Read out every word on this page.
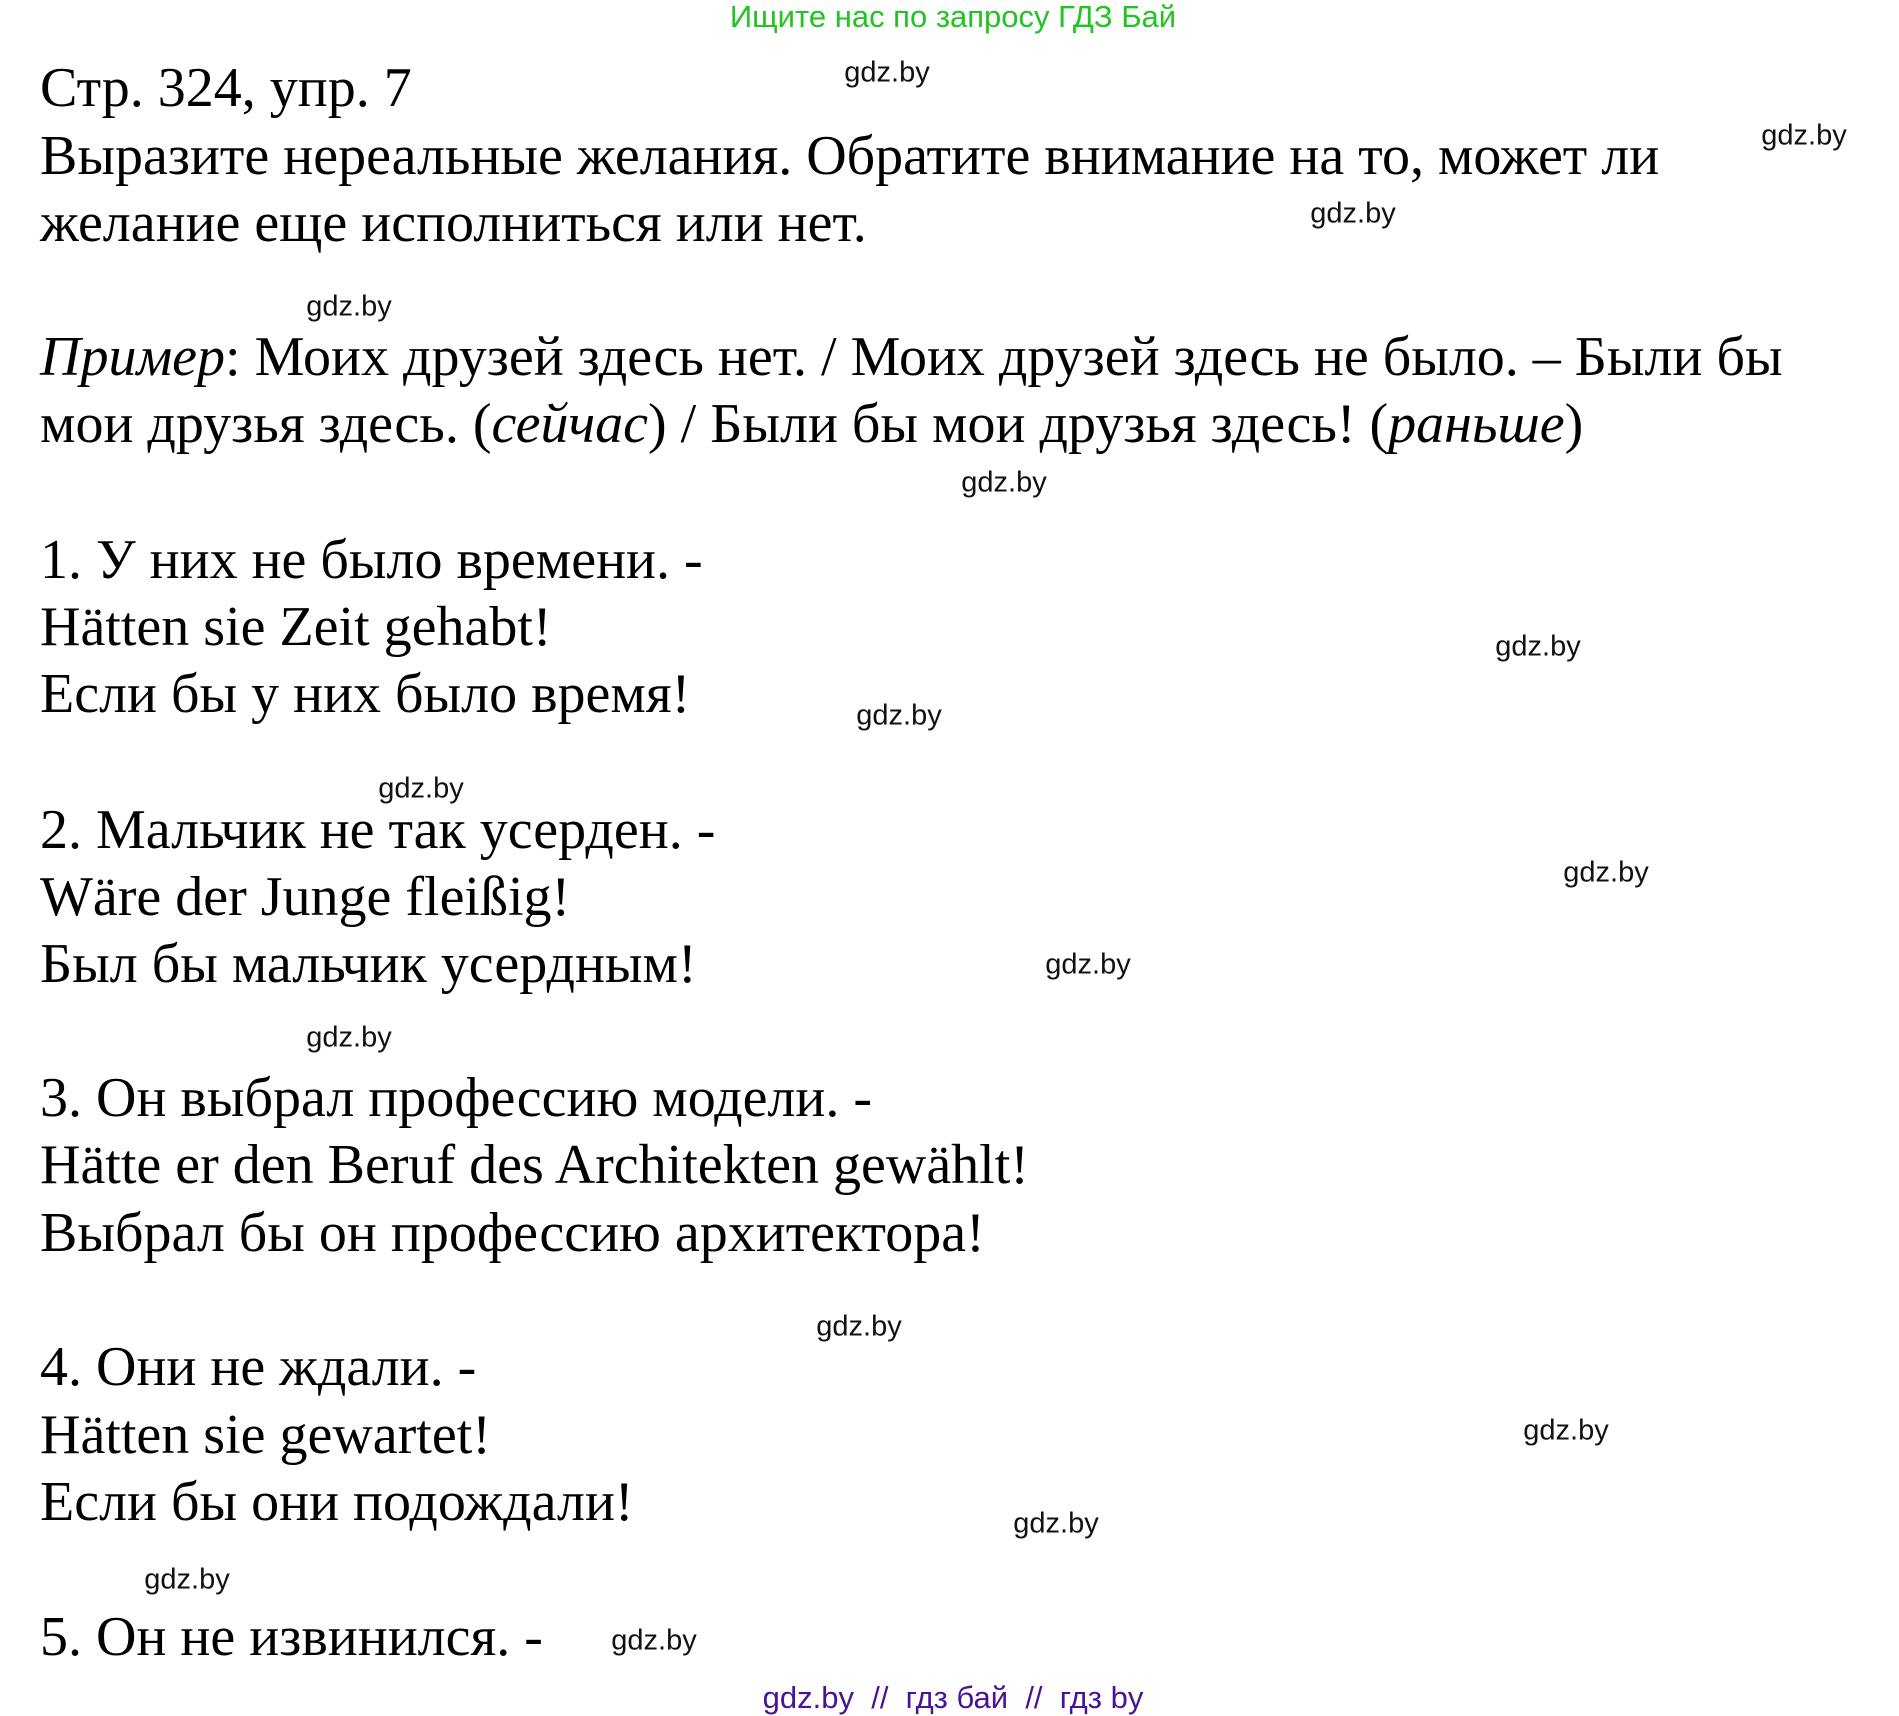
Ищите нас по запросу ГДЗ Бай
Стр. 324, упр. 7
Выразите нереальные желания. Обратите внимание на то, может ли
желание еще исполниться или нет.
Пример: Моих друзей здесь нет. / Моих друзей здесь не было. – Были бы
мои друзья здесь. (сейчас) / Были бы мои друзья здесь! (раньше)
1. У них не было времени. -
Hätten sie Zeit gehabt!
Если бы у них было время!
2. Мальчик не так усерден. -
Wäre der Junge fleißig!
Был бы мальчик усердным!
3. Он выбрал профессию модели. -
Hätte er den Beruf des Architekten gewählt!
Выбрал бы он профессию архитектора!
4. Они не ждали. -
Hätten sie gewartet!
Если бы они подождали!
5. Он не извинился. -
gdz.by
gdz.by
gdz.by
gdz.by
gdz.by
gdz.by
gdz.by
gdz.by
gdz.by
gdz.by
gdz.by
gdz.by
gdz.by
gdz.by
gdz.by
gdz.by
gdz.by  //  гдз бай  //  гдз by
